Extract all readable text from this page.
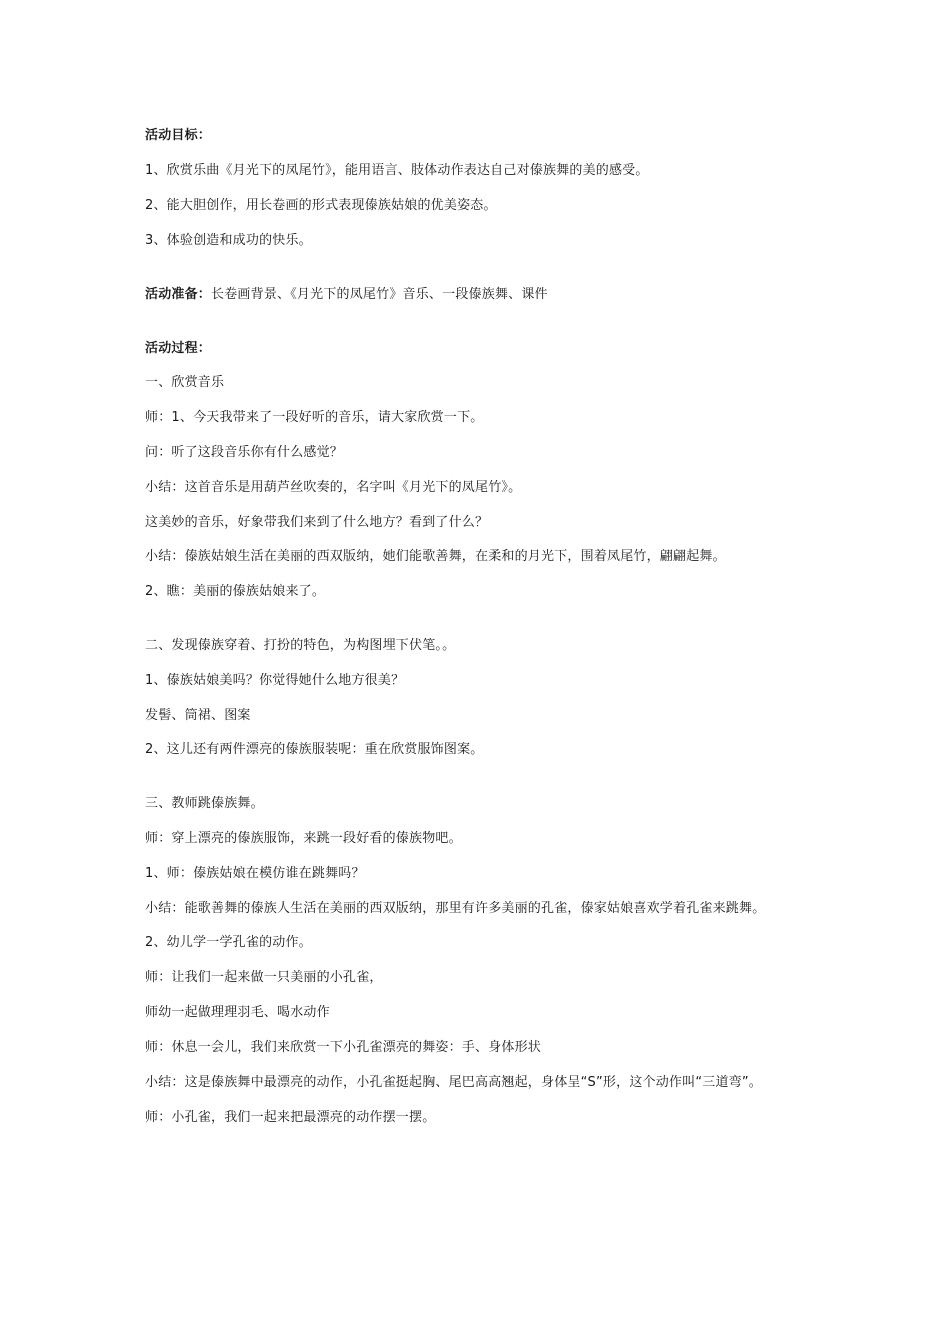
活动目标：
1、欣赏乐曲《月光下的凤尾竹》，能用语言、肢体动作表达自己对傣族舞的美的感受。
2、能大胆创作，用长卷画的形式表现傣族姑娘的优美姿态。
3、体验创造和成功的快乐。
活动准备：长卷画背景、《月光下的凤尾竹》音乐、一段傣族舞、课件
活动过程：
一、欣赏音乐
师：1、今天我带来了一段好听的音乐，请大家欣赏一下。
问：听了这段音乐你有什么感觉？
小结：这首音乐是用葫芦丝吹奏的，名字叫《月光下的凤尾竹》。
这美妙的音乐，好象带我们来到了什么地方？看到了什么？
小结：傣族姑娘生活在美丽的西双版纳，她们能歌善舞，在柔和的月光下，围着凤尾竹，翩翩起舞。
2、瞧：美丽的傣族姑娘来了。
二、发现傣族穿着、打扮的特色，为构图埋下伏笔。。
1、傣族姑娘美吗？你觉得她什么地方很美？
发髻、筒裙、图案
2、这儿还有两件漂亮的傣族服装呢：重在欣赏服饰图案。
三、教师跳傣族舞。
师：穿上漂亮的傣族服饰，来跳一段好看的傣族物吧。
1、师：傣族姑娘在模仿谁在跳舞吗？
小结：能歌善舞的傣族人生活在美丽的西双版纳，那里有许多美丽的孔雀，傣家姑娘喜欢学着孔雀来跳舞。
2、幼儿学一学孔雀的动作。
师：让我们一起来做一只美丽的小孔雀，
师幼一起做理理羽毛、喝水动作
师：休息一会儿，我们来欣赏一下小孔雀漂亮的舞姿：手、身体形状
小结：这是傣族舞中最漂亮的动作，小孔雀挺起胸、尾巴高高翘起，身体呈“S”形，这个动作叫“三道弯”。
师：小孔雀，我们一起来把最漂亮的动作摆一摆。
